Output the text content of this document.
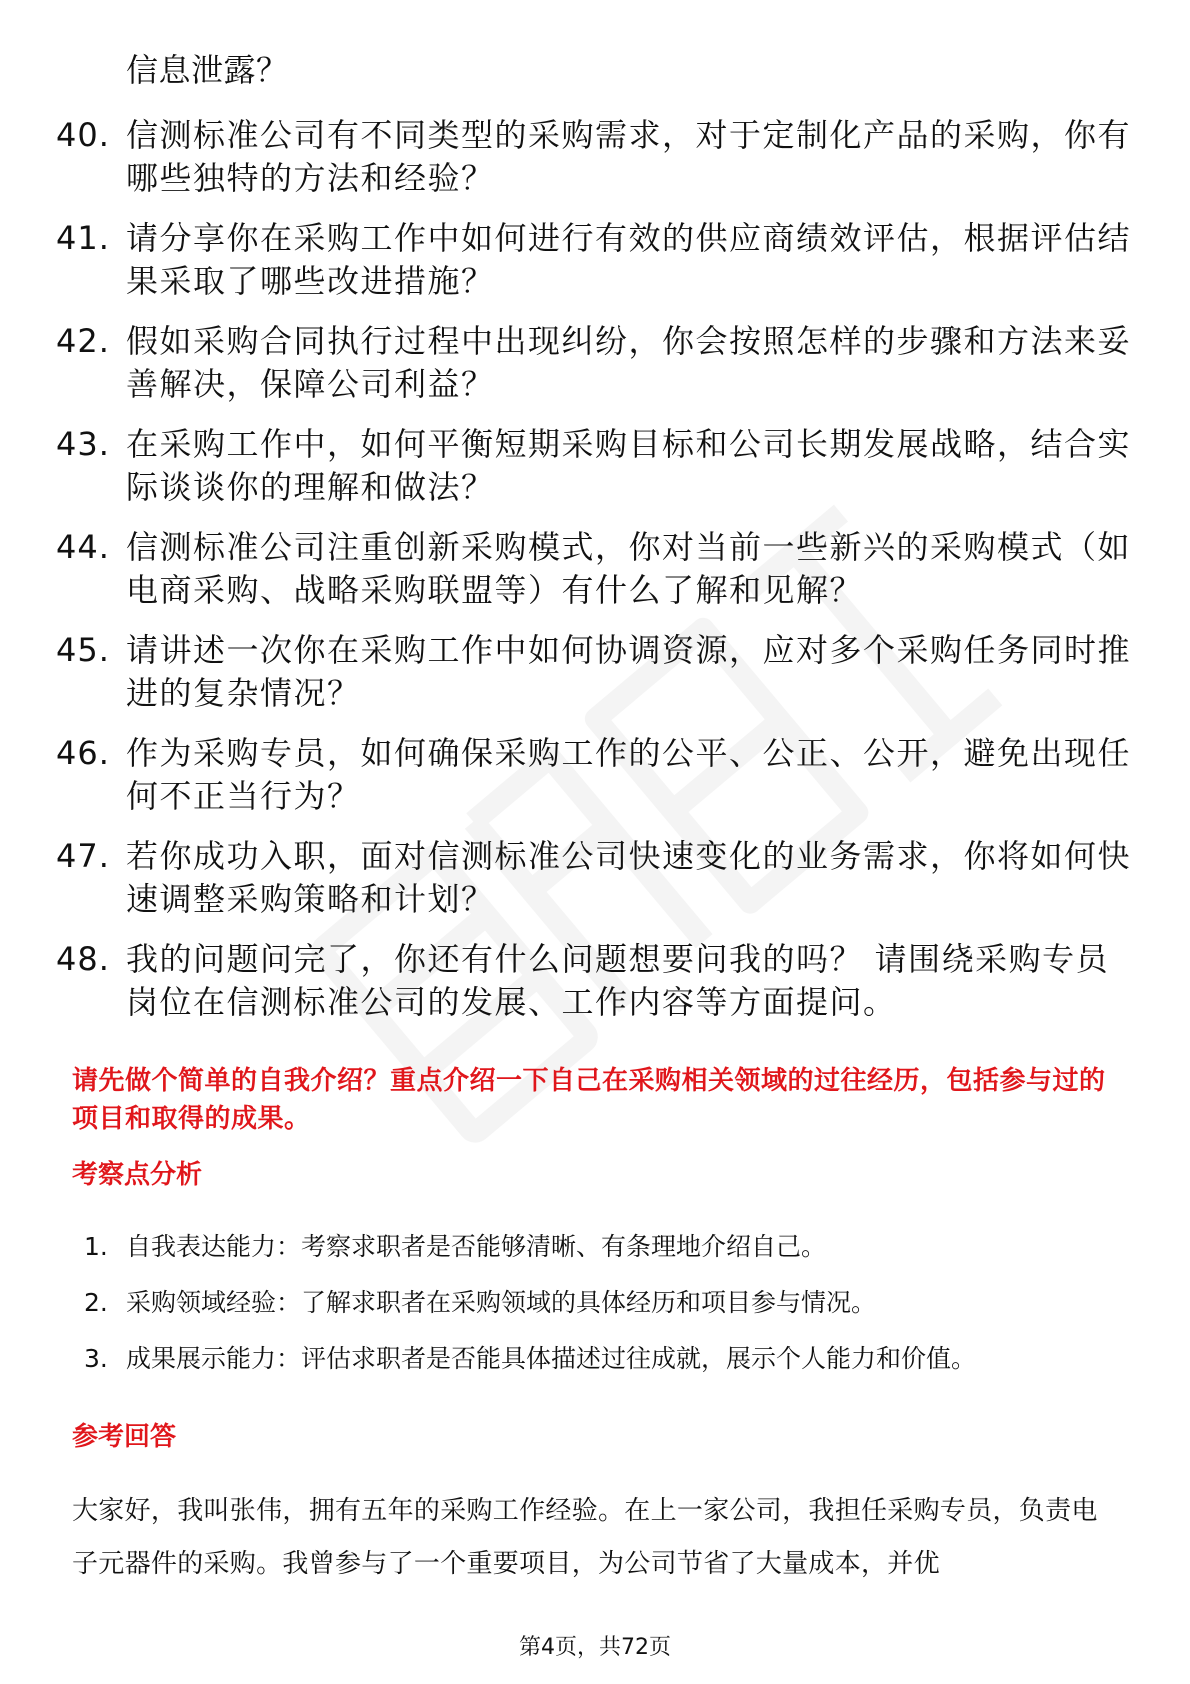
信息泄露？
40. 信测标准公司有不同类型的采购需求，对于定制化产品的采购，你有哪些独特的方法和经验？
41. 请分享你在采购工作中如何进行有效的供应商绩效评估，根据评估结果采取了哪些改进措施？
42. 假如采购合同执行过程中出现纠纷，你会按照怎样的步骤和方法来妥善解决，保障公司利益？
43. 在采购工作中，如何平衡短期采购目标和公司长期发展战略，结合实际谈谈你的理解和做法？
44. 信测标准公司注重创新采购模式，你对当前一些新兴的采购模式（如电商采购、战略采购联盟等）有什么了解和见解？
45. 请讲述一次你在采购工作中如何协调资源，应对多个采购任务同时推进的复杂情况？
46. 作为采购专员，如何确保采购工作的公平、公正、公开，避免出现任何不正当行为？
47. 若你成功入职，面对信测标准公司快速变化的业务需求，你将如何快速调整采购策略和计划？
48. 我的问题问完了，你还有什么问题想要问我的吗？ 请围绕采购专员岗位在信测标准公司的发展、工作内容等方面提问。
请先做个简单的自我介绍？重点介绍一下自己在采购相关领域的过往经历，包括参与过的项目和取得的成果。
考察点分析
1. 自我表达能力：考察求职者是否能够清晰、有条理地介绍自己。
2. 采购领域经验：了解求职者在采购领域的具体经历和项目参与情况。
3. 成果展示能力：评估求职者是否能具体描述过往成就，展示个人能力和价值。
参考回答
大家好，我叫张伟，拥有五年的采购工作经验。在上一家公司，我担任采购专员，负责电子元器件的采购。我曾参与了一个重要项目，为公司节省了大量成本，并优
第4页，共72页
